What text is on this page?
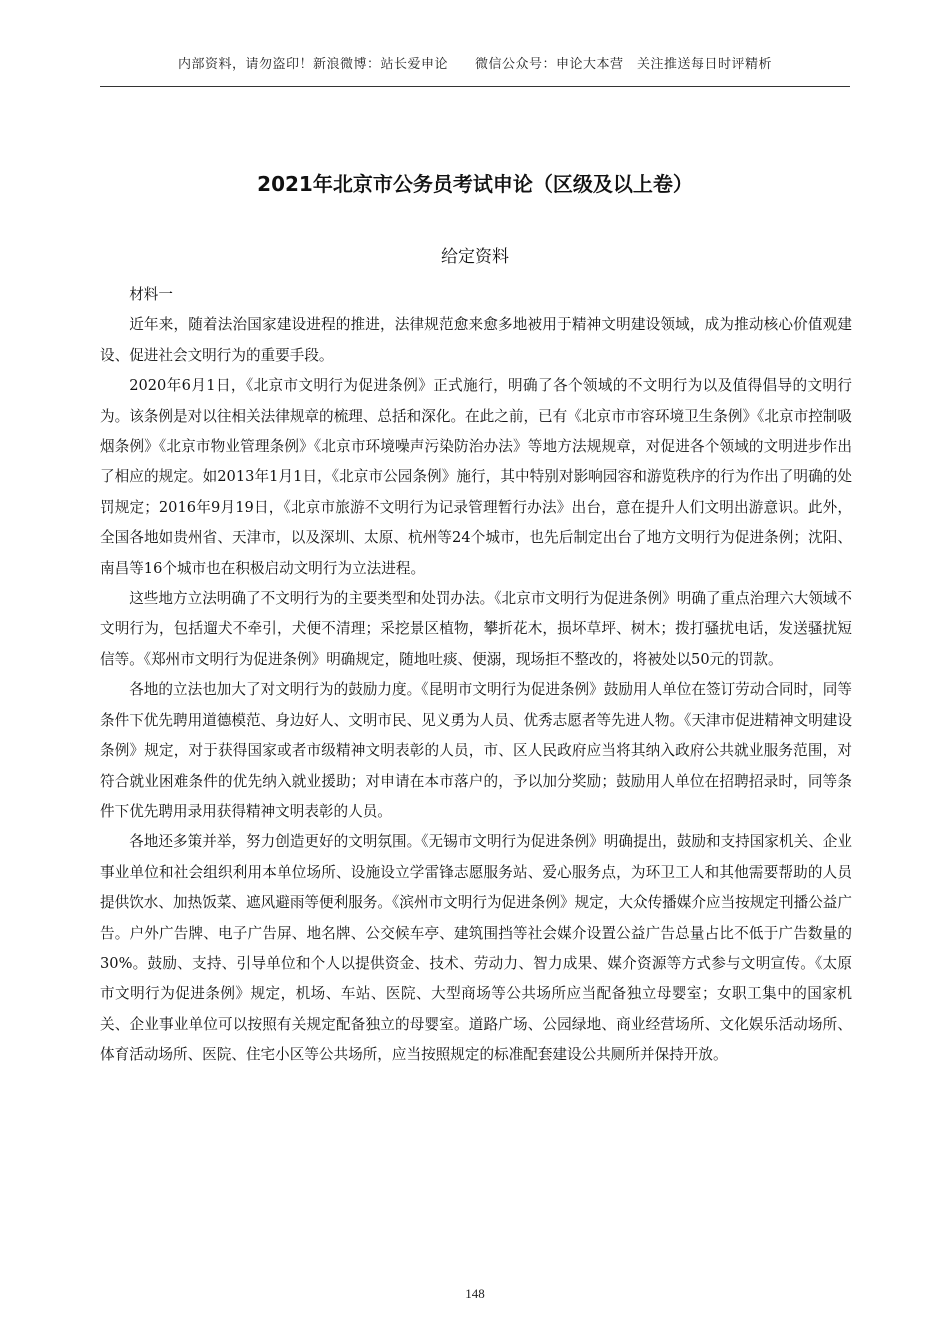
内部资料，请勿盗印！新浪微博：站长爱申论　　微信公众号：申论大本营　关注推送每日时评精析
2021年北京市公务员考试申论（区级及以上卷）
给定资料

材料一

近年来，随着法治国家建设进程的推进，法律规范愈来愈多地被用于精神文明建设领域，成为推动核心价值观建设、促进社会文明行为的重要手段。

2020年6月1日，《北京市文明行为促进条例》正式施行，明确了各个领域的不文明行为以及值得倡导的文明行为。该条例是对以往相关法律规章的梳理、总括和深化。在此之前，已有《北京市市容环境卫生条例》《北京市控制吸烟条例》《北京市物业管理条例》《北京市环境噪声污染防治办法》等地方法规规章，对促进各个领域的文明进步作出了相应的规定。如2013年1月1日，《北京市公园条例》施行，其中特别对影响园容和游览秩序的行为作出了明确的处罚规定；2016年9月19日，《北京市旅游不文明行为记录管理暂行办法》出台，意在提升人们文明出游意识。此外，全国各地如贵州省、天津市，以及深圳、太原、杭州等24个城市，也先后制定出台了地方文明行为促进条例；沈阳、南昌等16个城市也在积极启动文明行为立法进程。

这些地方立法明确了不文明行为的主要类型和处罚办法。《北京市文明行为促进条例》明确了重点治理六大领域不文明行为，包括遛犬不牵引，犬便不清理；采挖景区植物，攀折花木，损坏草坪、树木；拨打骚扰电话，发送骚扰短信等。《郑州市文明行为促进条例》明确规定，随地吐痰、便溺，现场拒不整改的，将被处以50元的罚款。

各地的立法也加大了对文明行为的鼓励力度。《昆明市文明行为促进条例》鼓励用人单位在签订劳动合同时，同等条件下优先聘用道德模范、身边好人、文明市民、见义勇为人员、优秀志愿者等先进人物。《天津市促进精神文明建设条例》规定，对于获得国家或者市级精神文明表彰的人员，市、区人民政府应当将其纳入政府公共就业服务范围，对符合就业困难条件的优先纳入就业援助；对申请在本市落户的，予以加分奖励；鼓励用人单位在招聘招录时，同等条件下优先聘用录用获得精神文明表彰的人员。

各地还多策并举，努力创造更好的文明氛围。《无锡市文明行为促进条例》明确提出，鼓励和支持国家机关、企业事业单位和社会组织利用本单位场所、设施设立学雷锋志愿服务站、爱心服务点，为环卫工人和其他需要帮助的人员提供饮水、加热饭菜、遮风避雨等便利服务。《滨州市文明行为促进条例》规定，大众传播媒介应当按规定刊播公益广告。户外广告牌、电子广告屏、地名牌、公交候车亭、建筑围挡等社会媒介设置公益广告总量占比不低于广告数量的30%。鼓励、支持、引导单位和个人以提供资金、技术、劳动力、智力成果、媒介资源等方式参与文明宣传。《太原市文明行为促进条例》规定，机场、车站、医院、大型商场等公共场所应当配备独立母婴室；女职工集中的国家机关、企业事业单位可以按照有关规定配备独立的母婴室。道路广场、公园绿地、商业经营场所、文化娱乐活动场所、体育活动场所、医院、住宅小区等公共场所，应当按照规定的标准配套建设公共厕所并保持开放。

148
